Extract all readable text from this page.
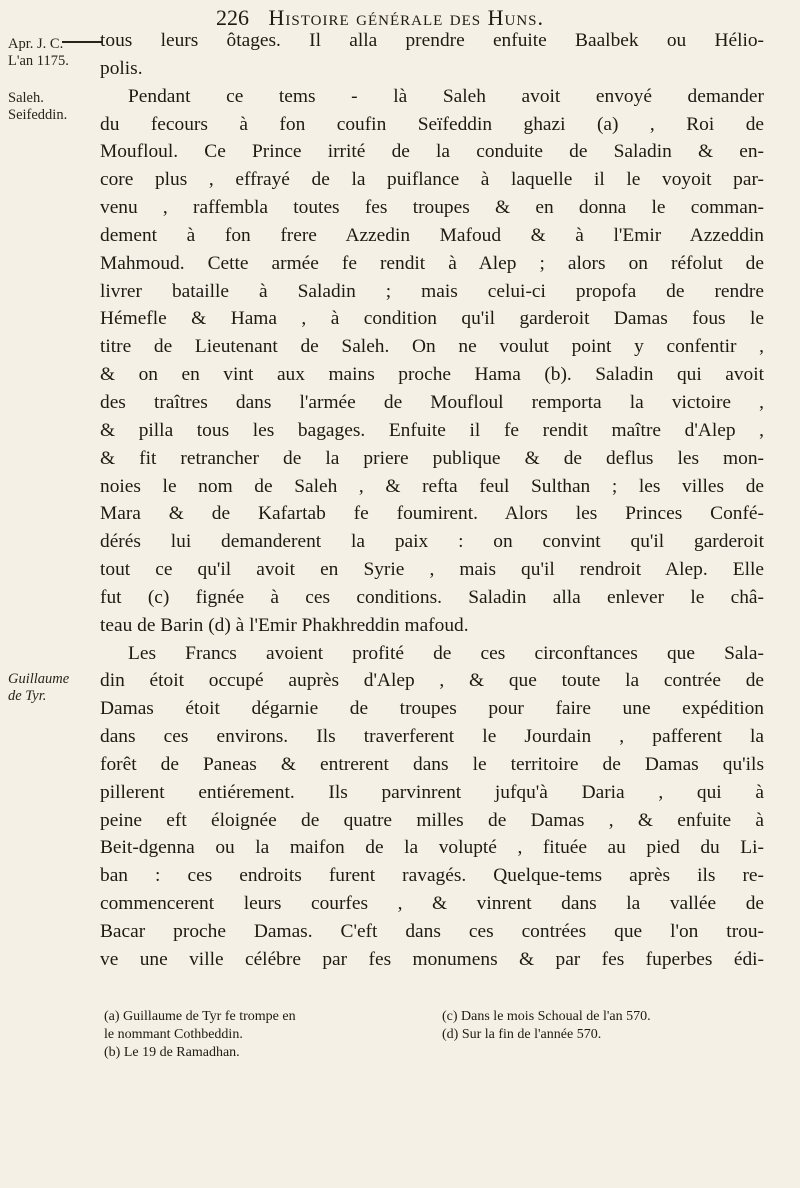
226 Histoire générale des Huns.
Apr. J. C.
L'an 1175.
Saleh.
Seifeddin.
Guillaume
de Tyr.
tous leurs ôtages. Il alla prendre enfuite Baalbek ou Hélio-
polis.
Pendant ce tems - là Saleh avoit envoyé demander
du fecours à fon coufin Seïfeddin ghazi (a) , Roi de
Moufloul. Ce Prince irrité de la conduite de Saladin & en-
core plus , effrayé de la puiflance à laquelle il le voyoit par-
venu , raffembla toutes fes troupes & en donna le comman-
dement à fon frere Azzedin Mafoud & à l'Emir Azzeddin
Mahmoud. Cette armée fe rendit à Alep ; alors on réfolut de
livrer bataille à Saladin ; mais celui-ci propofa de rendre
Hémefle & Hama , à condition qu'il garderoit Damas fous le
titre de Lieutenant de Saleh. On ne voulut point y confentir ,
& on en vint aux mains proche Hama (b). Saladin qui avoit
des traîtres dans l'armée de Moufloul remporta la victoire ,
& pilla tous les bagages. Enfuite il fe rendit maître d'Alep ,
& fit retrancher de la priere publique & de deflus les mon-
noies le nom de Saleh , & refta feul Sulthan ; les villes de
Mara & de Kafartab fe foumirent. Alors les Princes Confé-
dérés lui demanderent la paix : on convint qu'il garderoit
tout ce qu'il avoit en Syrie , mais qu'il rendroit Alep. Elle
fut (c) fignée à ces conditions. Saladin alla enlever le châ-
teau de Barin (d) à l'Emir Phakhreddin mafoud.
Les Francs avoient profité de ces circonftances que Sala-
din étoit occupé auprès d'Alep , & que toute la contrée de
Damas étoit dégarnie de troupes pour faire une expédition
dans ces environs. Ils traverferent le Jourdain , pafferent la
forêt de Paneas & entrerent dans le territoire de Damas qu'ils
pillerent entiérement. Ils parvinrent jufqu'à Daria , qui à
peine eft éloignée de quatre milles de Damas , & enfuite à
Beit-dgenna ou la maifon de la volupté , fituée au pied du Li-
ban : ces endroits furent ravagés. Quelque-tems après ils re-
commencerent leurs courfes , & vinrent dans la vallée de
Bacar proche Damas. C'eft dans ces contrées que l'on trou-
ve une ville célébre par fes monumens & par fes fuperbes édi-
(a) Guillaume de Tyr fe trompe en	(c) Dans le mois Schoual de l'an 570.
le nommant Cothbeddin.	(d) Sur la fin de l'année 570.
(b) Le 19 de Ramadhan.
